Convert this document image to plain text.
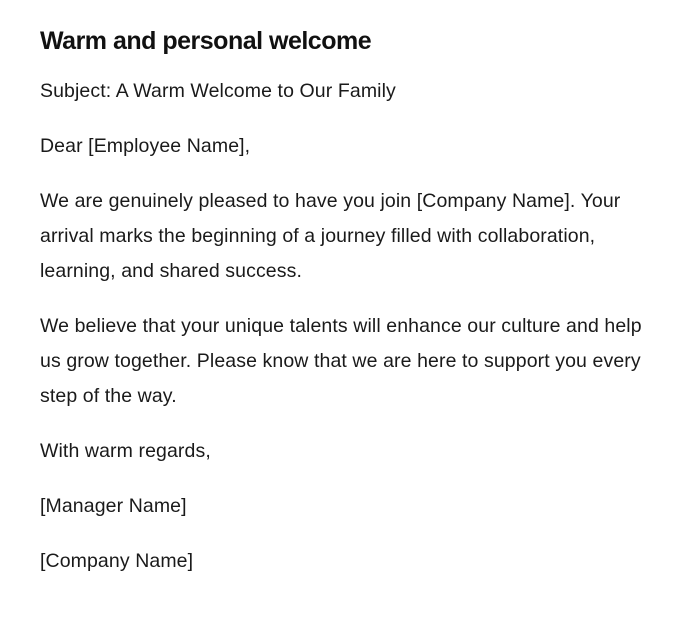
Warm and personal welcome

Subject: A Warm Welcome to Our Family

Dear [Employee Name],

We are genuinely pleased to have you join [Company Name]. Your arrival marks the beginning of a journey filled with collaboration, learning, and shared success.

We believe that your unique talents will enhance our culture and help us grow together. Please know that we are here to support you every step of the way.

With warm regards,

[Manager Name]

[Company Name]
